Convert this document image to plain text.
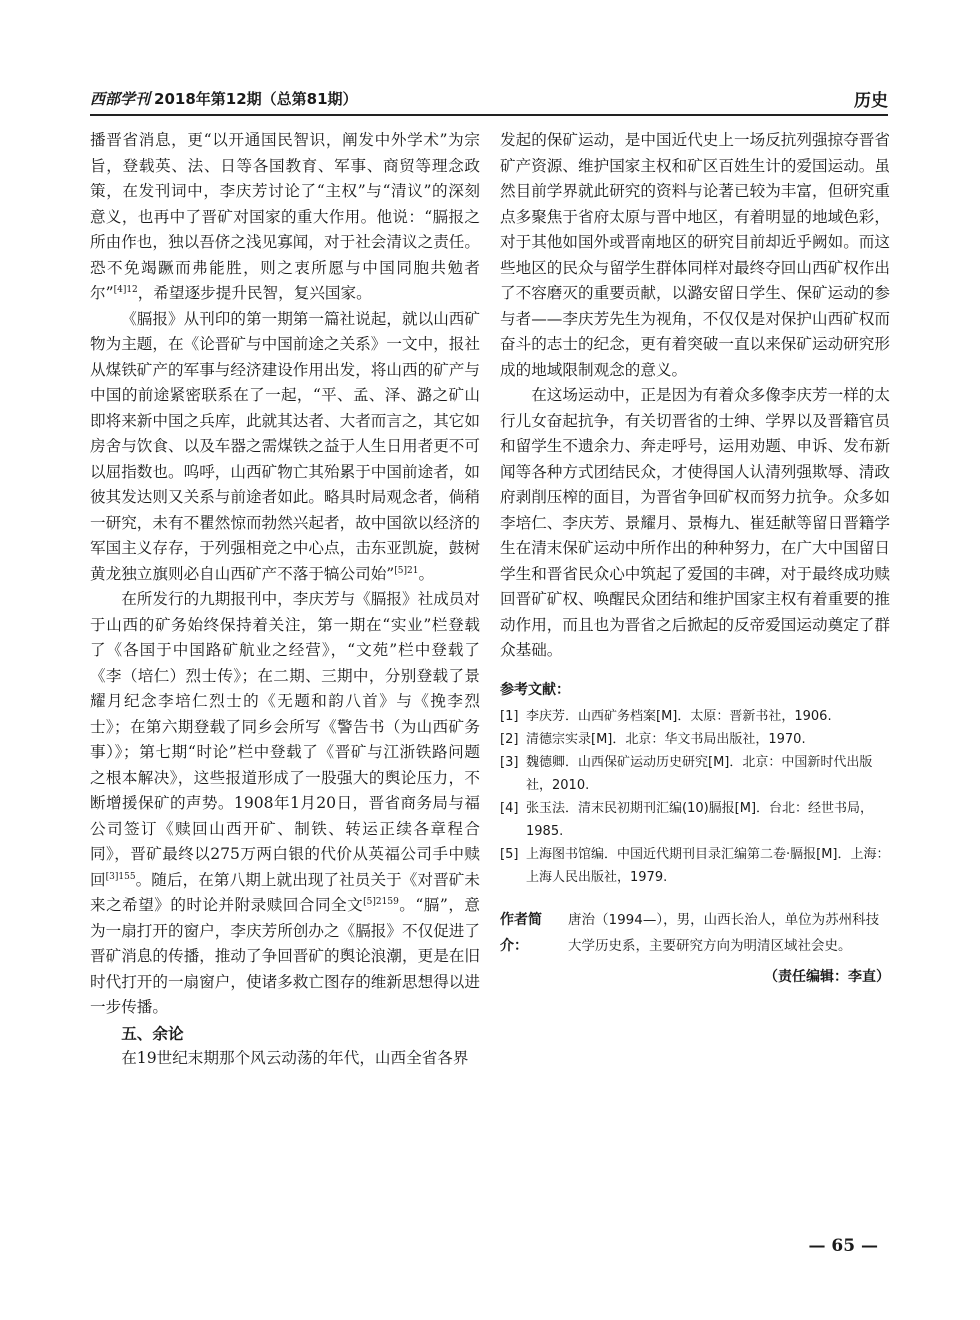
西部学刊 2018年第12期（总第81期）	历史

播晋省消息，更“以开通国民智识，阐发中外学术”为宗旨，登载英、法、日等各国教育、军事、商贸等理念政策，在发刊词中，李庆芳讨论了“主权”与“清议”的深刻意义，也再中了晋矿对国家的重大作用。他说：“膈报之所由作也，独以吾侪之浅见寡闻，对于社会清议之责任。恐不免竭蹶而弗能胜，则之衷所愿与中国同胞共勉者尔”$^{[4]12}$，希望逐步提升民智，复兴国家。

《膈报》从刊印的第一期第一篇社说起，就以山西矿物为主题，在《论晋矿与中国前途之关系》一文中，报社从煤铁矿产的军事与经济建设作用出发，将山西的矿产与中国的前途紧密联系在了一起，“平、孟、泽、潞之矿山即将来新中国之兵库，此就其达者、大者而言之，其它如房舍与饮食、以及车器之需煤铁之益于人生日用者更不可以屈指数也。呜呼，山西矿物亡其殆累于中国前途者，如彼其发达则又关系与前途者如此。略具时局观念者，倘稍一研究，未有不瞿然惊而勃然兴起者，故中国欲以经济的军国主义存存，于列强相竞之中心点，击东亚凯旋，鼓树黄龙独立旗则必自山西矿产不落于犒公司始”$^{[5]21}$。

在所发行的九期报刊中，李庆芳与《膈报》社成员对于山西的矿务始终保持着关注，第一期在“实业”栏登载了《各国于中国路矿航业之经营》，“文苑”栏中登载了《李（培仁）烈士传》；在二期、三期中，分别登载了景耀月纪念李培仁烈士的《无题和韵八首》与《挽李烈士》；在第六期登载了同乡会所写《警告书（为山西矿务事）》；第七期“时论”栏中登载了《晋矿与江浙铁路问题之根本解决》，这些报道形成了一股强大的舆论压力，不断增援保矿的声势。1908年1月20日，晋省商务局与福公司签订《赎回山西开矿、制铁、转运正续各章程合同》，晋矿最终以275万两白银的代价从英福公司手中赎回$^{[3]155}$。随后，在第八期上就出现了社员关于《对晋矿未来之希望》的时论并附录赎回合同全文$^{[5]2159}$。“膈”，意为一扇打开的窗户，李庆芳所创办之《膈报》不仅促进了晋矿消息的传播，推动了争回晋矿的舆论浪潮，更是在旧时代打开的一扇窗户，使诸多救亡图存的维新思想得以进一步传播。

五、余论

在19世纪末期那个风云动荡的年代，山西全省各界

发起的保矿运动，是中国近代史上一场反抗列强掠夺晋省矿产资源、维护国家主权和矿区百姓生计的爱国运动。虽然目前学界就此研究的资料与论著已较为丰富，但研究重点多聚焦于省府太原与晋中地区，有着明显的地域色彩，对于其他如国外或晋南地区的研究目前却近乎阙如。而这些地区的民众与留学生群体同样对最终夺回山西矿权作出了不容磨灭的重要贡献，以潞安留日学生、保矿运动的参与者——李庆芳先生为视角，不仅仅是对保护山西矿权而奋斗的志士的纪念，更有着突破一直以来保矿运动研究形成的地域限制观念的意义。

在这场运动中，正是因为有着众多像李庆芳一样的太行儿女奋起抗争，有关切晋省的士绅、学界以及晋籍官员和留学生不遗余力、奔走呼号，运用劝题、申诉、发布新闻等各种方式团结民众，才使得国人认清列强欺辱、清政府剥削压榨的面目，为晋省争回矿权而努力抗争。众多如李培仁、李庆芳、景耀月、景梅九、崔廷献等留日晋籍学生在清末保矿运动中所作出的种种努力，在广大中国留日学生和晋省民众心中筑起了爱国的丰碑，对于最终成功赎回晋矿矿权、唤醒民众团结和维护国家主权有着重要的推动作用，而且也为晋省之后掀起的反帝爱国运动奠定了群众基础。

参考文献：
[1] 李庆芳．山西矿务档案[M]．太原：晋新书社，1906.
[2] 清德宗实录[M]．北京：华文书局出版社，1970.
[3] 魏德卿．山西保矿运动历史研究[M]．北京：中国新时代出版社，2010.
[4] 张玉法．清末民初期刊汇编(10)膈报[M]．台北：经世书局，1985.
[5] 上海图书馆编．中国近代期刊目录汇编第二卷·膈报[M]．上海：上海人民出版社，1979.
作者简介：
唐治（1994—），男，山西长治人，单位为苏州科技大学历史系，主要研究方向为明清区域社会史。
（责任编辑：李直）
— 65 —
